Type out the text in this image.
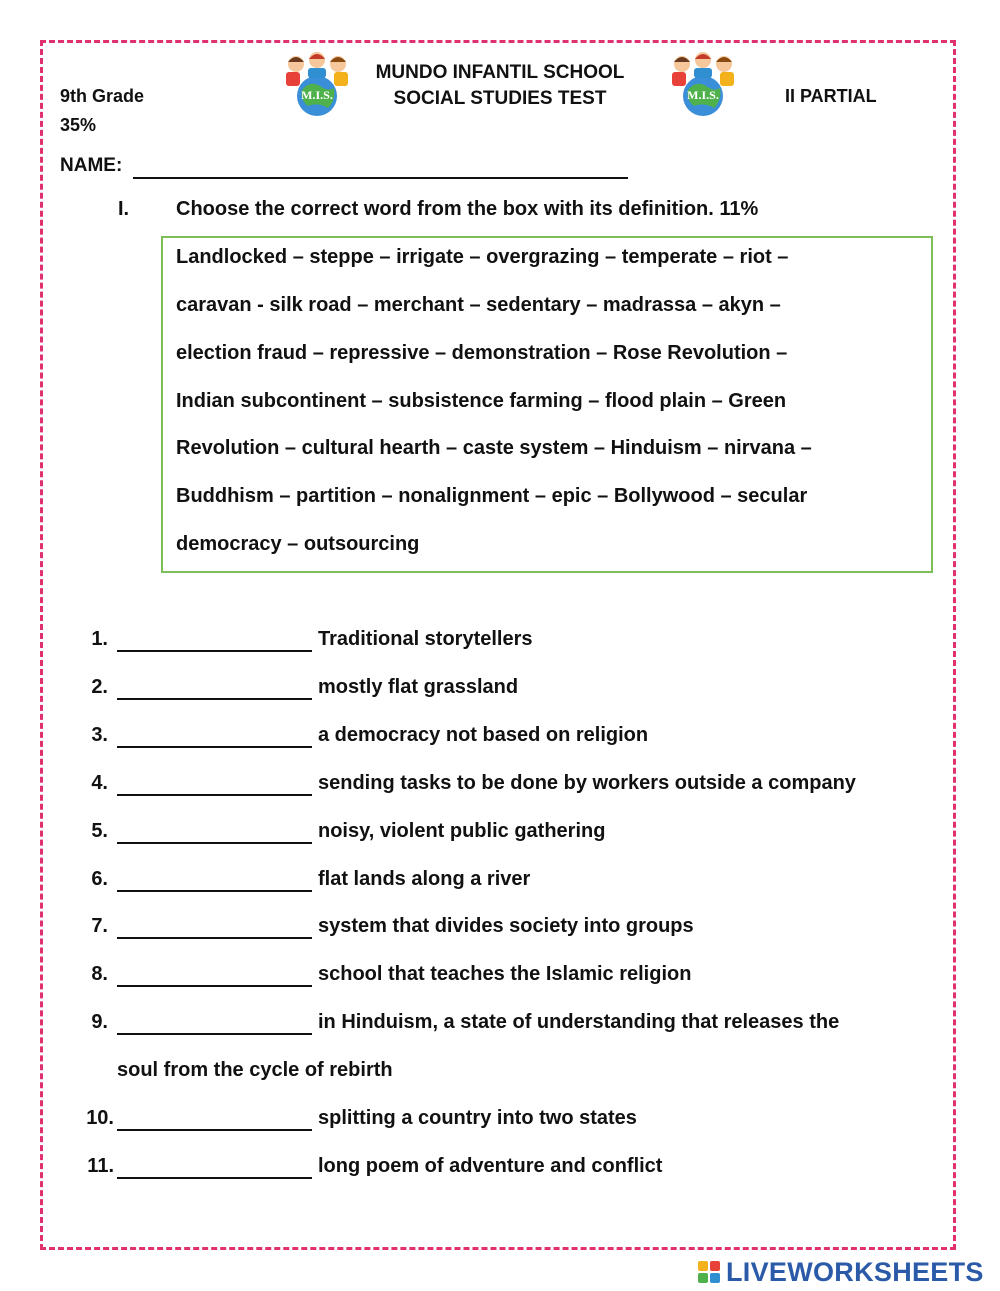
M.I.S.	M.I.S.
MUNDO INFANTIL SCHOOL
SOCIAL STUDIES TEST
9th Grade
35%
II PARTIAL
NAME:
I. Choose the correct word from the box with its definition. 11%
Landlocked – steppe – irrigate – overgrazing – temperate – riot –
caravan - silk road – merchant – sedentary – madrassa – akyn –
election fraud – repressive – demonstration – Rose Revolution –
Indian subcontinent – subsistence farming – flood plain – Green
Revolution – cultural hearth – caste system – Hinduism – nirvana –
Buddhism – partition – nonalignment – epic – Bollywood – secular
democracy – outsourcing
1.	Traditional storytellers
2.	mostly flat grassland
3.	a democracy not based on religion
4.	sending tasks to be done by workers outside a company
5.	noisy, violent public gathering
6.	flat lands along a river
7.	system that divides society into groups
8.	school that teaches the Islamic religion
9.	in Hinduism, a state of understanding that releases the
soul from the cycle of rebirth
10.	splitting a country into two states
11.	long poem of adventure and conflict
LIVEWORKSHEETS
